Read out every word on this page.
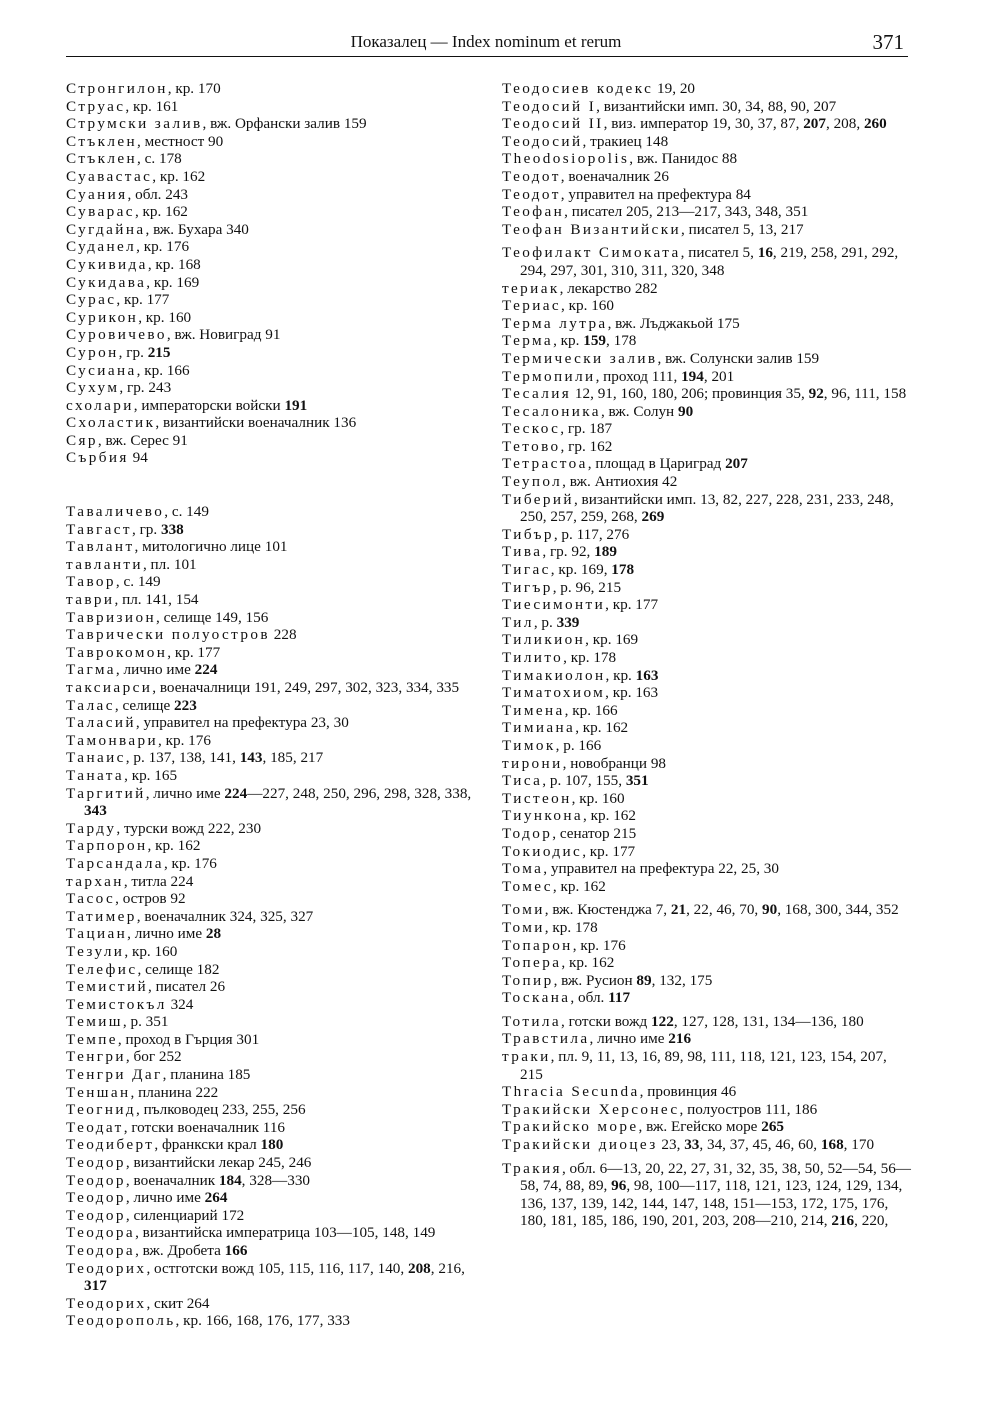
Показалец — Index nominum et rerum	371
Стронгилон, кр. 170
Струас, кр. 161
Струмски залив, вж. Орфански залив 159
Стъклен, местност 90
Стъклен, с. 178
Суавастас, кр. 162
Суания, обл. 243
Суварас, кр. 162
Сугдайна, вж. Бухара 340
Суданел, кр. 176
Сукивида, кр. 168
Сукидава, кр. 169
Сурас, кр. 177
Сурикон, кр. 160
Суровичево, вж. Новиград 91
Сурон, гр. 215
Сусиана, кр. 166
Сухум, гр. 243
схолари, императорски войски 191
Схоластик, византийски военачалник 136
Сяр, вж. Серес 91
Сърбия 94
Таваличево, с. 149
Тавгаст, гр. 338
Тавлант, митологично лице 101
тавланти, пл. 101
Тавор, с. 149
таври, пл. 141, 154
Тавризион, селище 149, 156
Таврически полуостров 228
Таврокомон, кр. 177
Тагма, лично име 224
таксиарси, военачалници 191, 249, 297, 302, 323, 334, 335
Талас, селище 223
Таласий, управител на префектура 23, 30
Тамонвари, кр. 176
Танаис, р. 137, 138, 141, 143, 185, 217
Таната, кр. 165
Таргитий, лично име 224—227, 248, 250, 296, 298, 328, 338, 343
Тарду, турски вожд 222, 230
Тарпорон, кр. 162
Тарсандала, кр. 176
тархан, титла 224
Тасос, остров 92
Татимер, военачалник 324, 325, 327
Тациан, лично име 28
Тезули, кр. 160
Телефис, селище 182
Темистий, писател 26
Темистокъл 324
Темиш, р. 351
Темпе, проход в Гърция 301
Тенгри, бог 252
Тенгри Даг, планина 185
Теншан, планина 222
Теогнид, пълководец 233, 255, 256
Теодат, готски военачалник 116
Теодиберт, франкски крал 180
Теодор, византийски лекар 245, 246
Теодор, военачалник 184, 328—330
Теодор, лично име 264
Теодор, силенциарий 172
Теодора, византийска императрица 103—105, 148, 149
Теодора, вж. Дробета 166
Теодорих, остготски вожд 105, 115, 116, 117, 140, 208, 216, 317
Теодорих, скит 264
Теодорополь, кр. 166, 168, 176, 177, 333
Теодосиев кодекс 19, 20
Теодосий I, византийски имп. 30, 34, 88, 90, 207
Теодосий II, виз. император 19, 30, 37, 87, 207, 208, 260
Теодосий, тракиец 148
Theodosiopolis, вж. Панидос 88
Теодот, военачалник 26
Теодот, управител на префектура 84
Теофан, писател 205, 213—217, 343, 348, 351
Теофан Византийски, писател 5, 13, 217
Теофилакт Симоката, писател 5, 16, 219, 258, 291, 292, 294, 297, 301, 310, 311, 320, 348
териак, лекарство 282
Териас, кр. 160
Терма лутра, вж. Лъджакьой 175
Терма, кр. 159, 178
Термически залив, вж. Солунски залив 159
Термопили, проход 111, 194, 201
Тесалия 12, 91, 160, 180, 206; провинция 35, 92, 96, 111, 158
Тесалоника, вж. Солун 90
Тескос, гр. 187
Тетово, гр. 162
Тетрастоа, площад в Цариград 207
Теупол, вж. Антиохия 42
Тиберий, византийски имп. 13, 82, 227, 228, 231, 233, 248, 250, 257, 259, 268, 269
Тибър, р. 117, 276
Тива, гр. 92, 189
Тигас, кр. 169, 178
Тигър, р. 96, 215
Тиесимонти, кр. 177
Тил, р. 339
Тиликион, кр. 169
Тилито, кр. 178
Тимакиолон, кр. 163
Тиматохиом, кр. 163
Тимена, кр. 166
Тимиана, кр. 162
Тимок, р. 166
тирони, новобранци 98
Тиса, р. 107, 155, 351
Тистеон, кр. 160
Тиункона, кр. 162
Тодор, сенатор 215
Токиодис, кр. 177
Тома, управител на префектура 22, 25, 30
Томес, кр. 162
Томи, вж. Кюстенджа 7, 21, 22, 46, 70, 90, 168, 300, 344, 352
Томи, кр. 178
Топарон, кр. 176
Топера, кр. 162
Топир, вж. Русион 89, 132, 175
Тоскана, обл. 117
Тотила, готски вожд 122, 127, 128, 131, 134—136, 180
Травстила, лично име 216
траки, пл. 9, 11, 13, 16, 89, 98, 111, 118, 121, 123, 154, 207, 215
Thracia Secunda, провинция 46
Тракийски Херсонес, полуостров 111, 186
Тракийско море, вж. Егейско море 265
Тракийски диоцез 23, 33, 34, 37, 45, 46, 60, 168, 170
Тракия, обл. 6—13, 20, 22, 27, 31, 32, 35, 38, 50, 52—54, 56—58, 74, 88, 89, 96, 98, 100—117, 118, 121, 123, 124, 129, 134, 136, 137, 139, 142, 144, 147, 148, 151—153, 172, 175, 176, 180, 181, 185, 186, 190, 201, 203, 208—210, 214, 216, 220,
